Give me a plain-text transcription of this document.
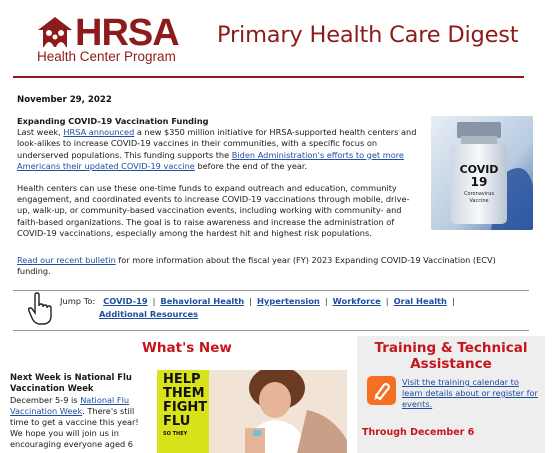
HRSA
Health Center Program
Primary Health Care Digest
November 29, 2022

Expanding COVID-19 Vaccination Funding
Last week, HRSA announced a new $350 million initiative for HRSA-supported health centers and look-alikes to increase COVID-19 vaccines in their communities, with a specific focus on underserved populations. This funding supports the Biden Administration's efforts to get more Americans their updated COVID-19 vaccine before the end of the year.

Health centers can use these one-time funds to expand outreach and education, community engagement, and coordinated events to increase COVID-19 vaccinations through mobile, drive-up, walk-up, or community-based vaccination events, including working with community- and faith-based organizations. The goal is to raise awareness and increase the administration of COVID-19 vaccinations, especially among the hardest hit and highest risk populations.

COVID
19
Coronavirus
Vaccine
Read our recent bulletin for more information about the fiscal year (FY) 2023 Expanding COVID-19 Vaccination (ECV) funding.
Jump To: COVID-19 | Behavioral Health | Hypertension | Workforce | Oral Health |
Additional Resources
What's New
Next Week is National Flu Vaccination Week
December 5-9 is National Flu Vaccination Week. There's still time to get a vaccine this year! We hope you will join us in encouraging everyone aged 6
HELP
THEM
FIGHT
FLU
SO THEY
Training & Technical Assistance
Visit the training calendar to learn details about or register for events.
Through December 6
